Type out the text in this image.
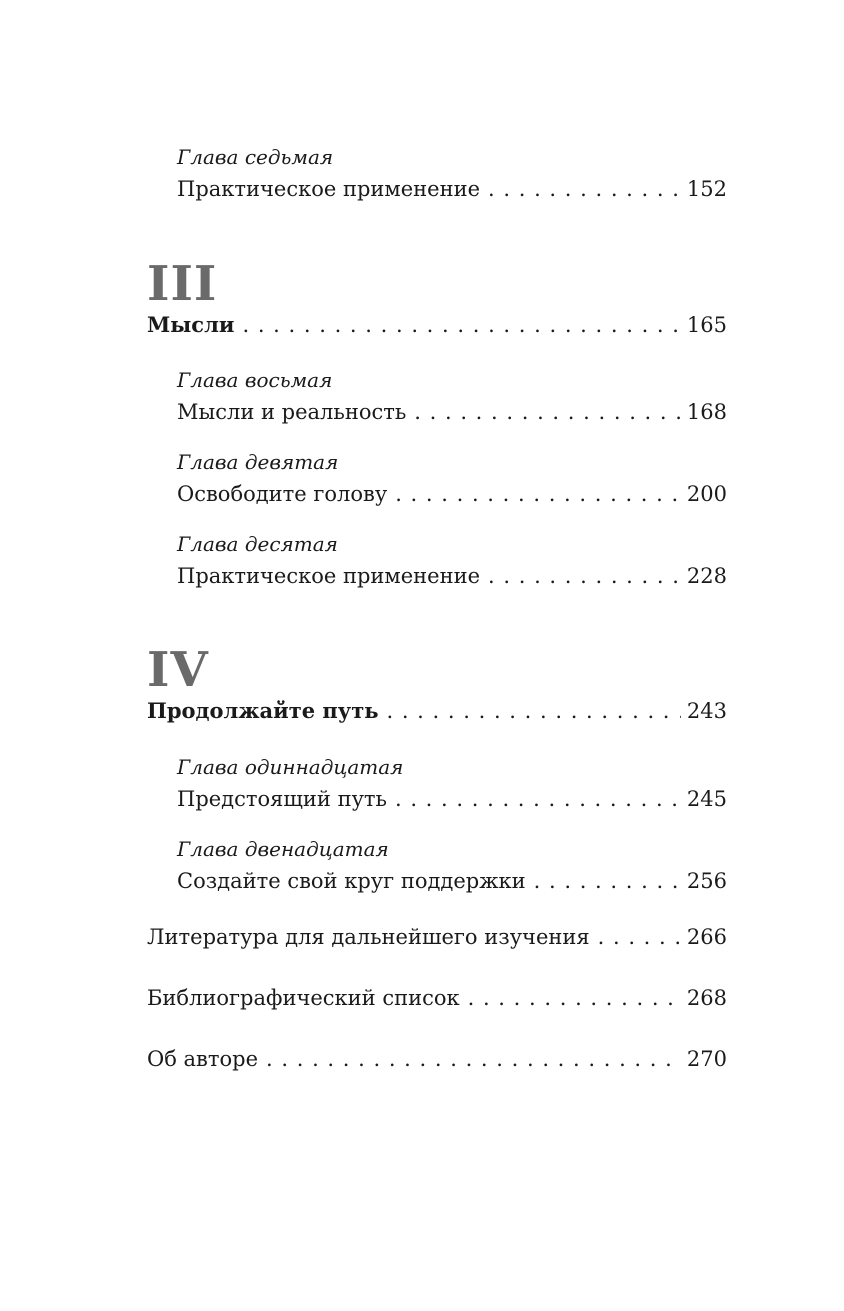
Глава седьмая
Практическое применение . . .	152
III
Мысли . . .	165
Глава восьмая
Мысли и реальность . . .	168
Глава девятая
Освободите голову . . .	200
Глава десятая
Практическое применение . . .	228
IV
Продолжайте путь . . .	243
Глава одиннадцатая
Предстоящий путь . . .	245
Глава двенадцатая
Создайте свой круг поддержки . . .	256
Литература для дальнейшего изучения . . .	266
Библиографический список . . .	268
Об авторе . . .	270
